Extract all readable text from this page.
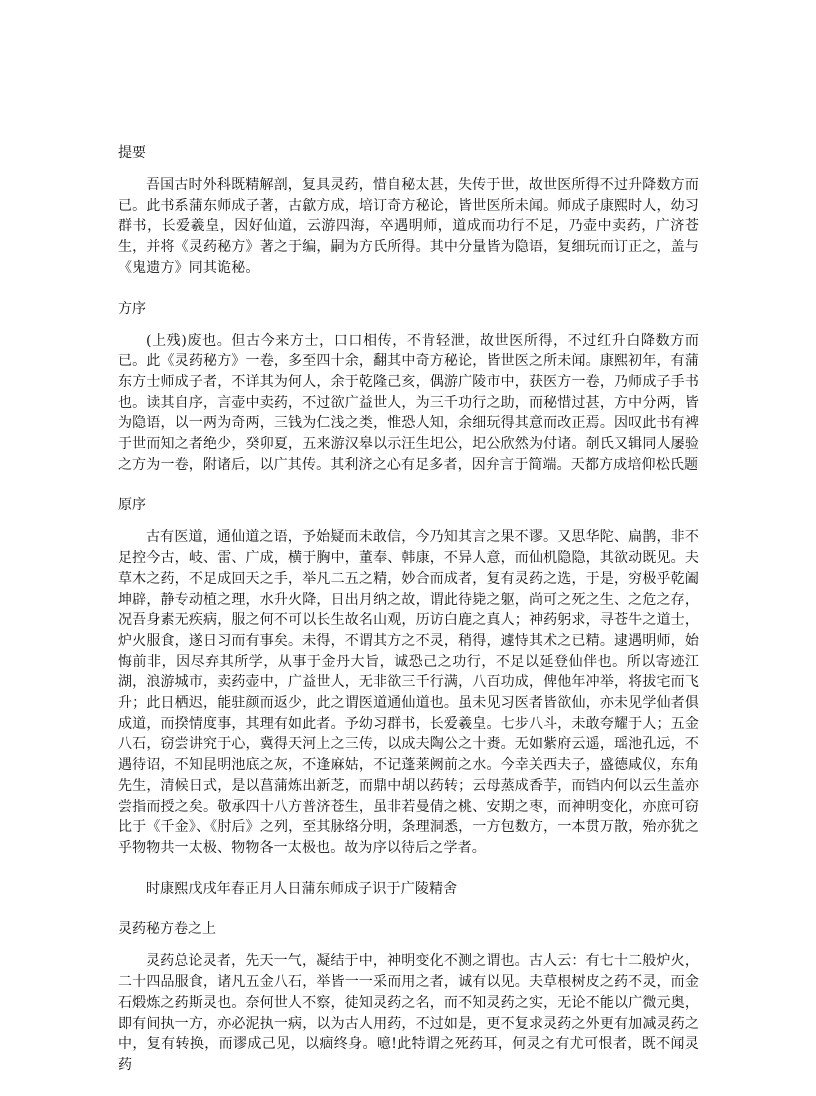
提要

吾国古时外科既精解剖，复具灵药，惜自秘太甚，失传于世，故世医所得不过升降数方而已。此书系蒲东师成子著，古歙方成，培订奇方秘论，皆世医所未闻。师成子康熙时人，幼习群书，长爱羲皇，因好仙道，云游四海，卒遇明师，道成而功行不足，乃壶中卖药，广济苍生，并将《灵药秘方》著之于编，嗣为方氏所得。其中分量皆为隐语，复细玩而订正之，盖与《鬼遗方》同其诡秘。

方序

(上残)废也。但古今来方士，口口相传，不肯轻泄，故世医所得，不过红升白降数方而已。此《灵药秘方》一卷，多至四十余，翻其中奇方秘论，皆世医之所未闻。康熙初年，有蒲东方士师成子者，不详其为何人，余于乾隆己亥，偶游广陵市中，获医方一卷，乃师成子手书也。读其自序，言壶中卖药，不过欲广益世人，为三千功行之助，而秘惜过甚，方中分两，皆为隐语，以一两为奇两，三钱为仁浅之类，惟恐人知，余细玩得其意而改正焉。因叹此书有裨于世而知之者绝少，癸卯夏，五来游汉皋以示汪生圯公，圯公欣然为付诸。剞氏又辑同人屡验之方为一卷，附诸后，以广其传。其利济之心有足多者，因弁言于简端。天都方成培仰松氏题

原序

古有医道，通仙道之语，予始疑而未敢信，今乃知其言之果不谬。又思华陀、扁鹊，非不足控今古，岐、雷、广成，横于胸中，董奉、韩康，不异人意，而仙机隐隐，其欲动既见。夫草木之药，不足成回天之手，举凡二五之精，妙合而成者，复有灵药之选，于是，穷极乎乾阖坤辟，静专动植之理，水升火降，日出月纳之故，谓此待毙之躯，尚可之死之生、之危之存，况吾身素无疾病，服之何不可以长生故名山观，历访白鹿之真人；神药躬求，寻苍牛之道士，炉火服食，遂日习而有事矣。未得，不谓其方之不灵，稍得，遽恃其术之已精。逮遇明师，始悔前非，因尽弃其所学，从事于金丹大旨，诚恐己之功行，不足以延登仙伴也。所以寄迹江湖，浪游城市，卖药壶中，广益世人，无非欲三千行满，八百功成，俾他年冲举，将拔宅而飞升；此日栖迟，能驻颜而返少，此之谓医道通仙道也。虽未见习医者皆欲仙，亦未见学仙者俱成道，而揆情度事，其理有如此者。予幼习群书，长爱羲皇。七步八斗，未敢夸耀于人；五金八石，窃尝讲究于心，冀得天河上之三传，以成夫陶公之十赉。无如紫府云遥，瑶池孔远，不遇待诏，不知昆明池底之灰，不逢麻姑，不记蓬莱阙前之水。今幸关西夫子，盛德咸仪，东角先生，清候日式，是以菖蒲炼出新芝，而鼎中胡以药转；云母蒸成香芋，而铛内何以云生盖亦尝指而授之矣。敬承四十八方普济苍生，虽非若曼倩之桃、安期之枣，而神明变化，亦庶可窃比于《千金》、《肘后》之列，至其脉络分明，条理洞悉，一方包数方，一本贯万散，殆亦犹之乎物物共一太极、物物各一太极也。故为序以待后之学者。

时康熙戊戌年春正月人日蒲东师成子识于广陵精舍

灵药秘方卷之上

灵药总论灵者，先天一气，凝结于中，神明变化不测之谓也。古人云：有七十二般炉火，二十四品服食，诸凡五金八石，举皆一一采而用之者，诚有以见。夫草根树皮之药不灵，而金石煅炼之药斯灵也。奈何世人不察，徒知灵药之名，而不知灵药之实，无论不能以广微元奥，即有间执一方，亦必泥执一病，以为古人用药，不过如是，更不复求灵药之外更有加减灵药之中，复有转换，而谬成己见，以痼终身。噫!此特谓之死药耳，何灵之有尤可恨者，既不闻灵药
